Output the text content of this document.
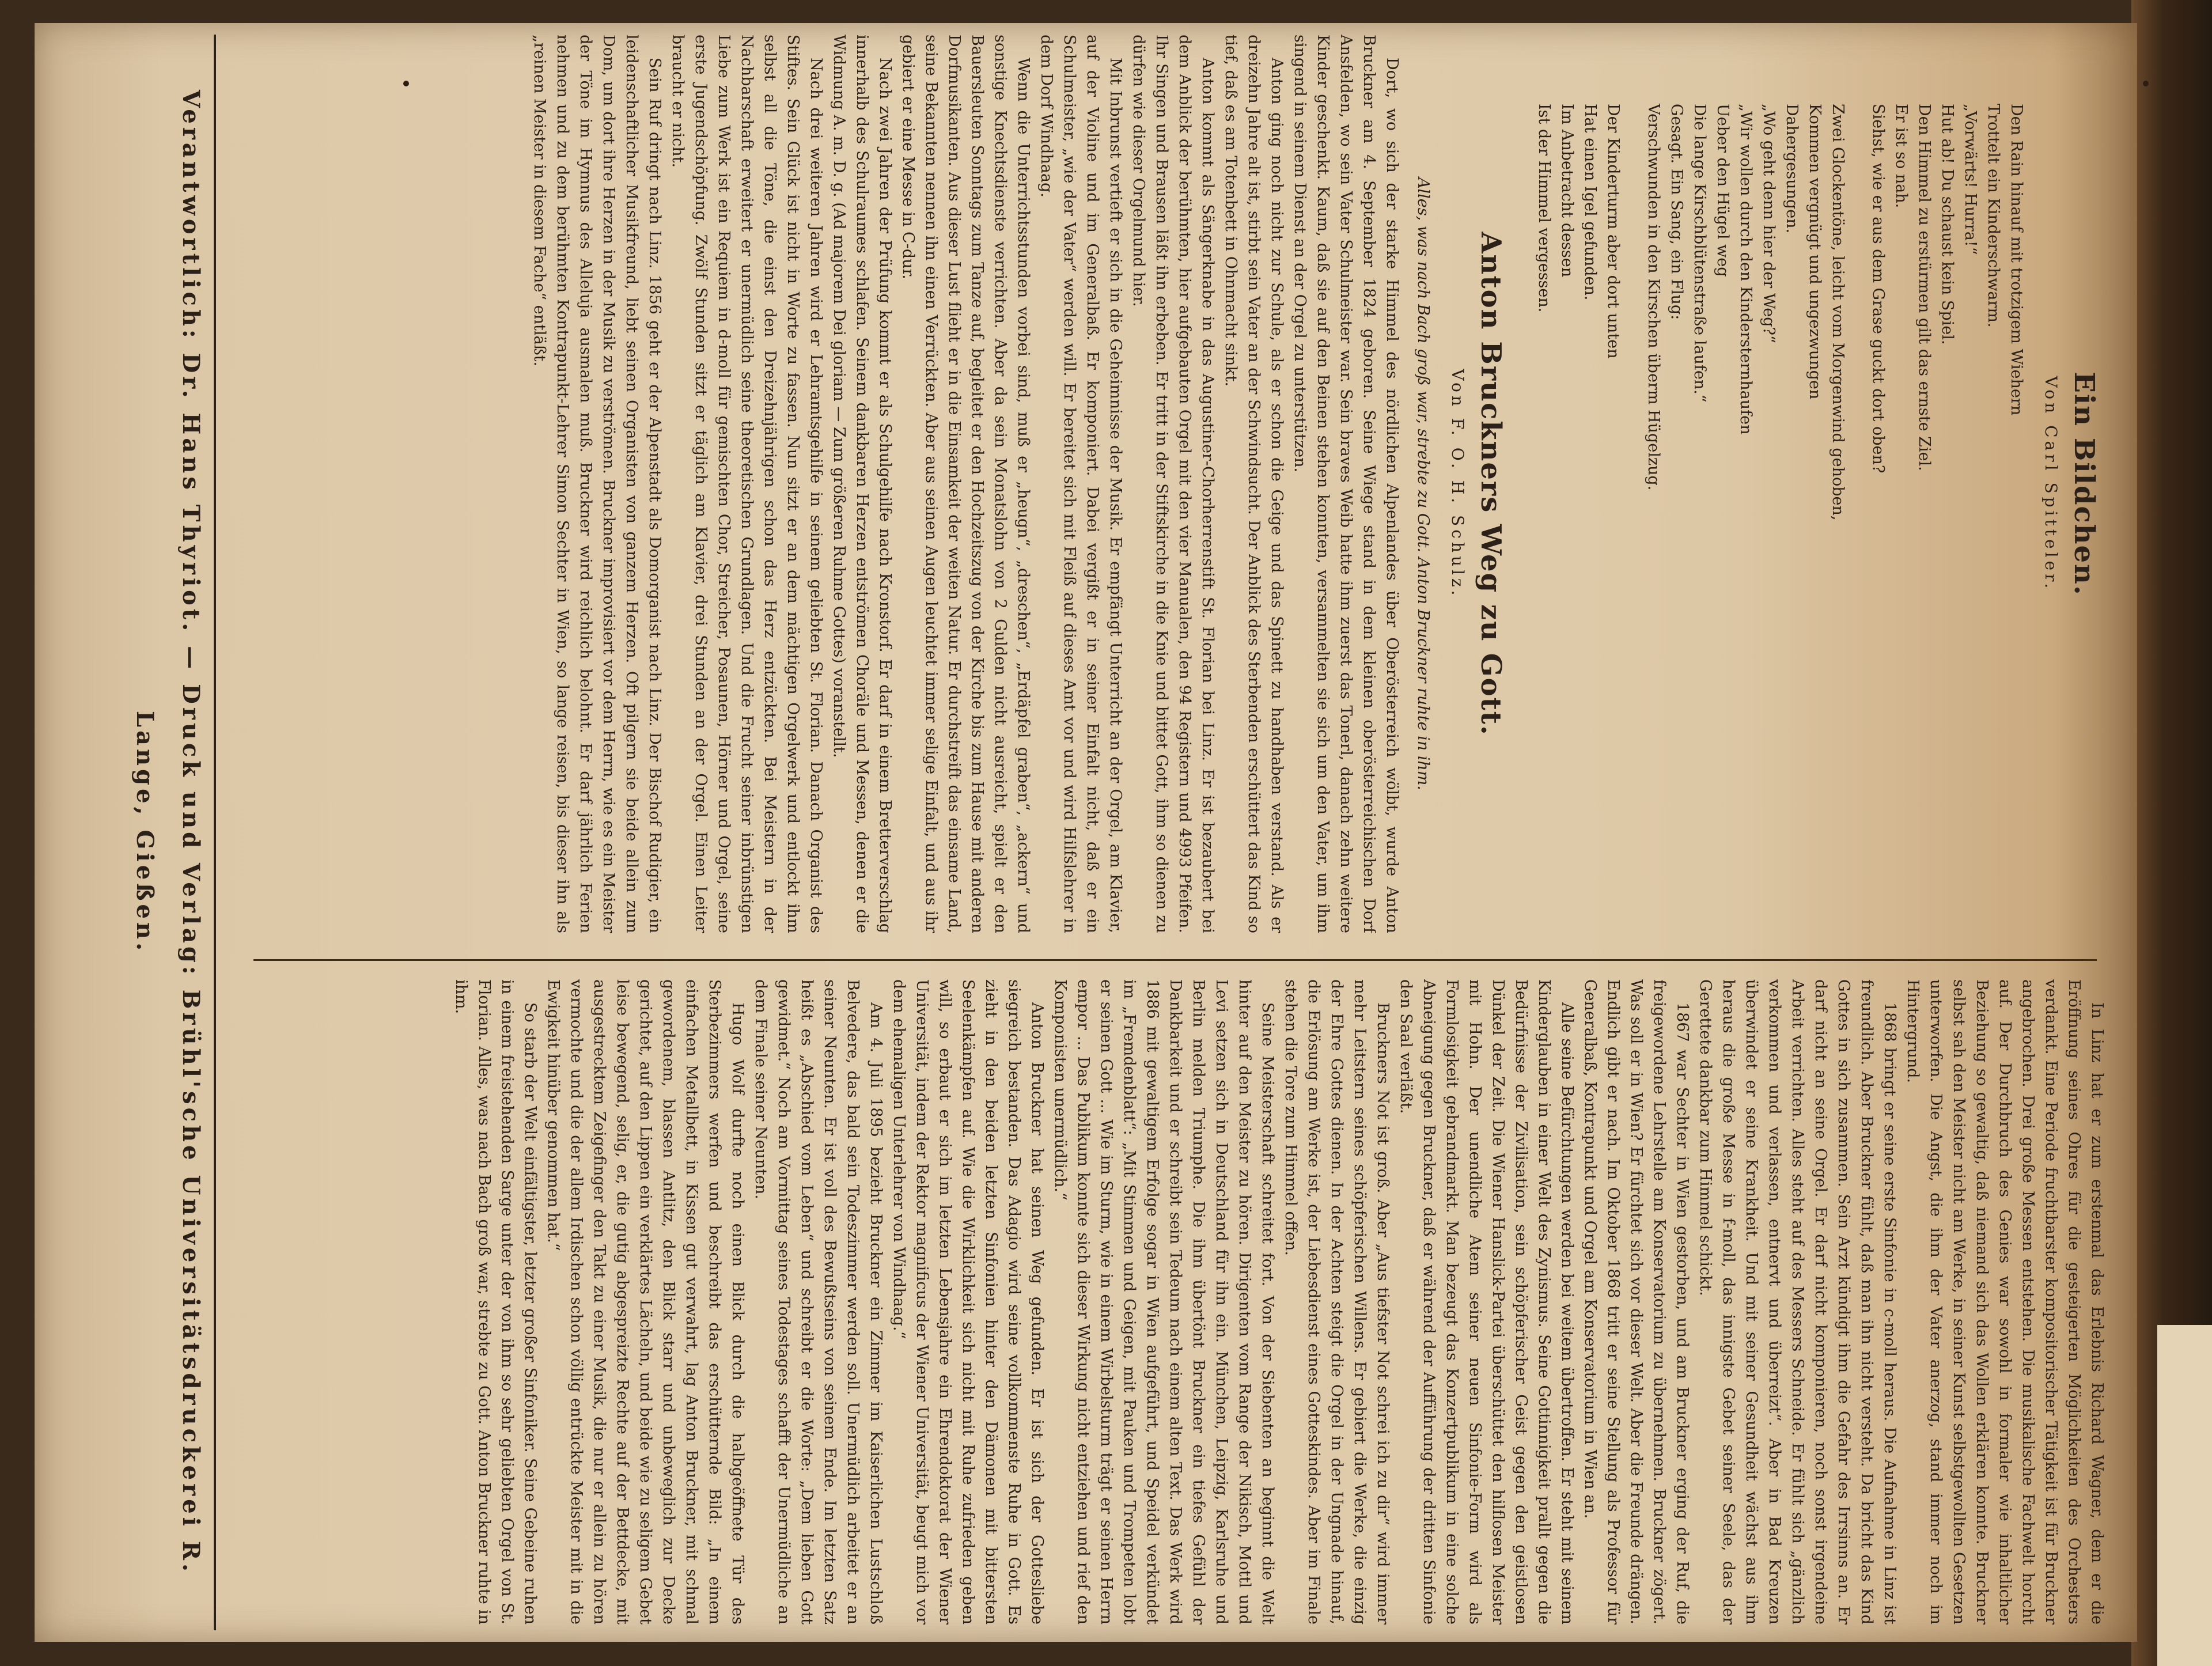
Ein Bildchen.
Von Carl Spitteler.

Den Rain hinauf mit trotzigem Wiehern

Trottelt ein Kinderschwarm.

„Vorwärts! Hurra!“

Hut ab! Du schaust kein Spiel.

Den Himmel zu erstürmen gilt das ernste Ziel.

Er ist so nah.

Siehst, wie er aus dem Grase guckt dort oben?

Zwei Glockentöne, leicht vom Morgenwind gehoben,

Kommen vergnügt und ungezwungen

Dahergesungen.

„Wo geht denn hier der Weg?“

„Wir wollen durch den Kindersternhaufen

Ueber den Hügel weg

Die lange Kirschblütenstraße laufen.“

Gesagt. Ein Sang, ein Flug:

Verschwunden in den Kirschen überm Hügelzug.

Der Kinderturm aber dort unten

Hat einen Igel gefunden.

Im Anbetracht dessen

Ist der Himmel vergessen.

Anton Bruckners Weg zu Gott.
Von F. O. H. Schulz.
Alles, was nach Bach groß war, strebte zu Gott. Anton Bruckner ruhte in ihm.

Dort, wo sich der starke Himmel des nördlichen Alpenlandes über Oberösterreich wölbt, wurde Anton Bruckner am 4. September 1824 geboren. Seine Wiege stand in dem kleinen oberösterreichischen Dorf Ansfelden, wo sein Vater Schulmeister war. Sein braves Weib hatte ihm zuerst das Tonerl, danach zehn weitere Kinder geschenkt. Kaum, daß sie auf den Beinen stehen konnten, versammelten sie sich um den Vater, um ihm singend in seinem Dienst an der Orgel zu unterstützen.

Anton ging noch nicht zur Schule, als er schon die Geige und das Spinett zu handhaben verstand. Als er dreizehn Jahre alt ist, stirbt sein Vater an der Schwindsucht. Der Anblick des Sterbenden erschüttert das Kind so tief, daß es am Totenbett in Ohnmacht sinkt.

Anton kommt als Sängerknabe in das Augustiner-Chorherrenstift St. Florian bei Linz. Er ist bezaubert bei dem Anblick der berühmten, hier aufgebauten Orgel mit den vier Manualen, den 94 Registern und 4993 Pfeifen. Ihr Singen und Brausen läßt ihn erbeben. Er tritt in der Stiftskirche in die Knie und bittet Gott, ihm so dienen zu dürfen wie dieser Orgelmund hier.

Mit Inbrunst vertieft er sich in die Geheimnisse der Musik. Er empfängt Unterricht an der Orgel, am Klavier, auf der Violine und im Generalbaß. Er komponiert. Dabei vergißt er in seiner Einfalt nicht, daß er ein Schulmeister, „wie der Vater“ werden will. Er bereitet sich mit Fleiß auf dieses Amt vor und wird Hilfslehrer in dem Dorf Windhaag.

Wenn die Unterrichtsstunden vorbei sind, muß er „heugn“, „dreschen“, „Erdäpfel graben“, „ackern“ und sonstige Knechtsdienste verrichten. Aber da sein Monatslohn von 2 Gulden nicht ausreicht, spielt er den Bauersleuten Sonntags zum Tanze auf, begleitet er den Hochzeitszug von der Kirche bis zum Hause mit anderen Dorfmusikanten. Aus dieser Lust flieht er in die Einsamkeit der weiten Natur. Er durchstreift das einsame Land, seine Bekannten nennen ihn einen Verrückten. Aber aus seinen Augen leuchtet immer selige Einfalt, und aus ihr gebiert er eine Messe in C-dur.

Nach zwei Jahren der Prüfung kommt er als Schulgehilfe nach Kronstorf. Er darf in einem Bretterverschlag innerhalb des Schulraumes schlafen. Seinem dankbaren Herzen entströmen Choräle und Messen, denen er die Widmung A. m. D. g. (Ad majorem Dei gloriam — Zum größeren Ruhme Gottes) voranstellt.

Nach drei weiteren Jahren wird er Lehramtsgehilfe in seinem geliebten St. Florian. Danach Organist des Stiftes. Sein Glück ist nicht in Worte zu fassen. Nun sitzt er an dem mächtigen Orgelwerk und entlockt ihm selbst all die Töne, die einst den Dreizehnjährigen schon das Herz entzückten. Bei Meistern in der Nachbarschaft erweitert er unermüdlich seine theoretischen Grundlagen. Und die Frucht seiner inbrünstigen Liebe zum Werk ist ein Requiem in d-moll für gemischten Chor, Streicher, Posaunen, Hörner und Orgel, seine erste Jugendschöpfung. Zwölf Stunden sitzt er täglich am Klavier, drei Stunden an der Orgel. Einen Leiter braucht er nicht.

Sein Ruf dringt nach Linz. 1856 geht er der Alpenstadt als Domorganist nach Linz. Der Bischof Rudigier, ein leidenschaftlicher Musikfreund, liebt seinen Organisten von ganzem Herzen. Oft pilgern sie beide allein zum Dom, um dort ihre Herzen in der Musik zu verströmen. Bruckner improvisiert vor dem Herrn, wie es ein Meister der Töne im Hymnus des Alleluja ausmalen muß. Bruckner wird reichlich belohnt. Er darf jährlich Ferien nehmen und zu dem berühmten Kontrapunkt-Lehrer Simon Sechter in Wien, so lange reisen, bis dieser ihn als „reinen Meister in diesem Fache“ entläßt.

In Linz hat er zum erstenmal das Erlebnis Richard Wagner, dem er die Eröffnung seines Ohres für die gesteigerten Möglichkeiten des Orchesters verdankt. Eine Periode fruchtbarster kompositorischer Tätigkeit ist für Bruckner angebrochen. Drei große Messen entstehen. Die musikalische Fachwelt horcht auf. Der Durchbruch des Genies war sowohl in formaler wie inhaltlicher Beziehung so gewaltig, daß niemand sich das Wollen erklären konnte. Bruckner selbst sah den Meister nicht am Werke, in seiner Kunst selbstgewollten Gesetzen unterworfen. Die Angst, die ihm der Vater anerzog, stand immer noch im Hintergrund.

1868 bringt er seine erste Sinfonie in c-moll heraus. Die Aufnahme in Linz ist freundlich. Aber Bruckner fühlt, daß man ihn nicht versteht. Da bricht das Kind Gottes in sich zusammen. Sein Arzt kündigt ihm die Gefahr des Irrsinns an. Er darf nicht an seine Orgel. Er darf nicht komponieren, noch sonst irgendeine Arbeit verrichten. Alles steht auf des Messers Schneide. Er fühlt sich „gänzlich verkommen und verlassen, entnervt und überreizt“. Aber in Bad Kreuzen überwindet er seine Krankheit. Und mit seiner Gesundheit wächst aus ihm heraus die große Messe in f-moll, das innigste Gebet seiner Seele, das der Gerettete dankbar zum Himmel schickt.

1867 war Sechter in Wien gestorben, und am Bruckner erging der Ruf, die freigewordene Lehrstelle am Konservatorium zu übernehmen. Bruckner zögert. Was soll er in Wien? Er fürchtet sich vor dieser Welt. Aber die Freunde drängen. Endlich gibt er nach. Im Oktober 1868 tritt er seine Stellung als Professor für Generalbaß, Kontrapunkt und Orgel am Konservatorium in Wien an.

Alle seine Befürchtungen werden bei weitem übertroffen. Er steht mit seinem Kinderglauben in einer Welt des Zynismus. Seine Gottinnigkeit prallt gegen die Bedürfnisse der Zivilisation, sein schöpferischer Geist gegen den geistlosen Dünkel der Zeit. Die Wiener Hanslick-Partei überschüttet den hilflosen Meister mit Hohn. Der unendliche Atem seiner neuen Sinfonie-Form wird als Formlosigkeit gebrandmarkt. Man bezeugt das Konzertpublikum in eine solche Abneigung gegen Bruckner, daß er während der Aufführung der dritten Sinfonie den Saal verläßt.

Bruckners Not ist groß. Aber „Aus tiefster Not schrei ich zu dir“ wird immer mehr Leitstern seines schöpferischen Willens. Er gebiert die Werke, die einzig der Ehre Gottes dienen. In der Achten steigt die Orgel in der Ungnade hinauf, die Erlösung am Werke ist, der Liebesdienst eines Gotteskindes. Aber im Finale stehen die Tore zum Himmel offen.

Seine Meisterschaft schreitet fort. Von der Siebenten an beginnt die Welt hinter auf den Meister zu hören. Dirigenten vom Range der Nikisch, Mottl und Levi setzen sich in Deutschland für ihn ein. München, Leipzig, Karlsruhe und Berlin melden Triumphe. Die ihm übertönt Bruckner ein tiefes Gefühl der Dankbarkeit und er schreibt sein Tedeum nach einem alten Text. Das Werk wird 1886 mit gewaltigem Erfolge sogar in Wien aufgeführt, und Speidel verkündet im „Fremdenblatt“: „Mit Stimmen und Geigen, mit Pauken und Trompeten lobt er seinen Gott ... Wie im Sturm, wie in einem Wirbelsturm trägt er seinen Herrn empor ... Das Publikum konnte sich dieser Wirkung nicht entziehen und rief den Komponisten unermüdlich.“

Anton Bruckner hat seinen Weg gefunden. Er ist sich der Gottesliebe siegreich bestanden. Das Adagio wird seine vollkommenste Ruhe in Gott. Es zieht in den beiden letzten Sinfonien hinter den Dämonen mit bittersten Seelenkämpfen auf. Wie die Wirklichkeit sich nicht mit Ruhe zufrieden geben will, so erbaut er sich im letzten Lebensjahre ein Ehrendoktorat der Wiener Universität, indem der Rektor magnificus der Wiener Universität, beugt mich vor dem ehemaligen Unterlehrer von Windhaag.“

Am 4. Juli 1895 bezieht Bruckner ein Zimmer im Kaiserlichen Lustschloß Belvedere, das bald sein Todeszimmer werden soll. Unermüdlich arbeitet er an seiner Neunten. Er ist voll des Bewußtseins von seinem Ende. Im letzten Satz heißt es „Abschied vom Leben“ und schreibt er die Worte: „Dem lieben Gott gewidmet.“ Noch am Vormittag seines Todestages schafft der Unermüdliche an dem Finale seiner Neunten.

Hugo Wolf durfte noch einen Blick durch die halbgeöffnete Tür des Sterbezimmers werfen und beschreibt das erschütternde Bild: „In einem einfachen Metallbett, in Kissen gut verwahrt, lag Anton Bruckner, mit schmal gewordenem, blassen Antlitz, den Blick starr und unbeweglich zur Decke gerichtet, auf den Lippen ein verklärtes Lächeln, und beide wie zu seligem Gebet leise bewegend, selig, er, die gutig abgespreizte Rechte auf der Bettdecke, mit ausgestrecktem Zeigefinger den Takt zu einer Musik, die nur er allein zu hören vermochte und die der allem Irdischen schon völlig entrückte Meister mit in die Ewigkeit hinüber genommen hat.“

So starb der Welt einfältigster, letzter großer Sinfoniker. Seine Gebeine ruhen in einem freistehenden Sarge unter der von ihm so sehr geliebten Orgel von St. Florian. Alles, was nach Bach groß war, strebte zu Gott. Anton Bruckner ruhte in ihm.

Verantwortlich: Dr. Hans Thyriot. — Druck und Verlag: Brühl'sche Universitätsdruckerei R. Lange, Gießen.
